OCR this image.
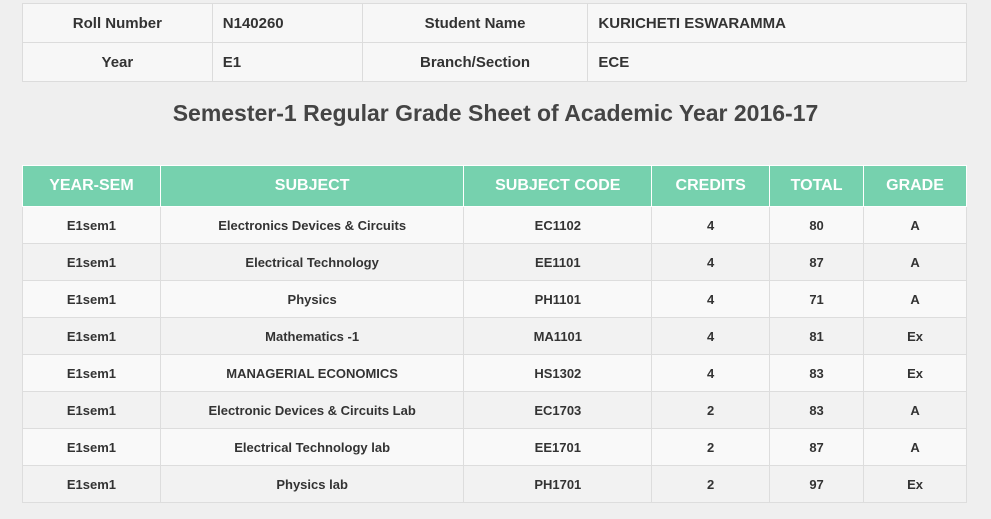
Roll Number	N140260	Student Name	KURICHETI ESWARAMMA
Year	E1	Branch/Section	ECE
Semester-1 Regular Grade Sheet of Academic Year 2016-17
YEAR-SEM	SUBJECT	SUBJECT CODE	CREDITS	TOTAL	GRADE
E1sem1	Electronics Devices & Circuits	EC1102	4	80	A
E1sem1	Electrical Technology	EE1101	4	87	A
E1sem1	Physics	PH1101	4	71	A
E1sem1	Mathematics -1	MA1101	4	81	Ex
E1sem1	MANAGERIAL ECONOMICS	HS1302	4	83	Ex
E1sem1	Electronic Devices & Circuits Lab	EC1703	2	83	A
E1sem1	Electrical Technology lab	EE1701	2	87	A
E1sem1	Physics lab	PH1701	2	97	Ex
